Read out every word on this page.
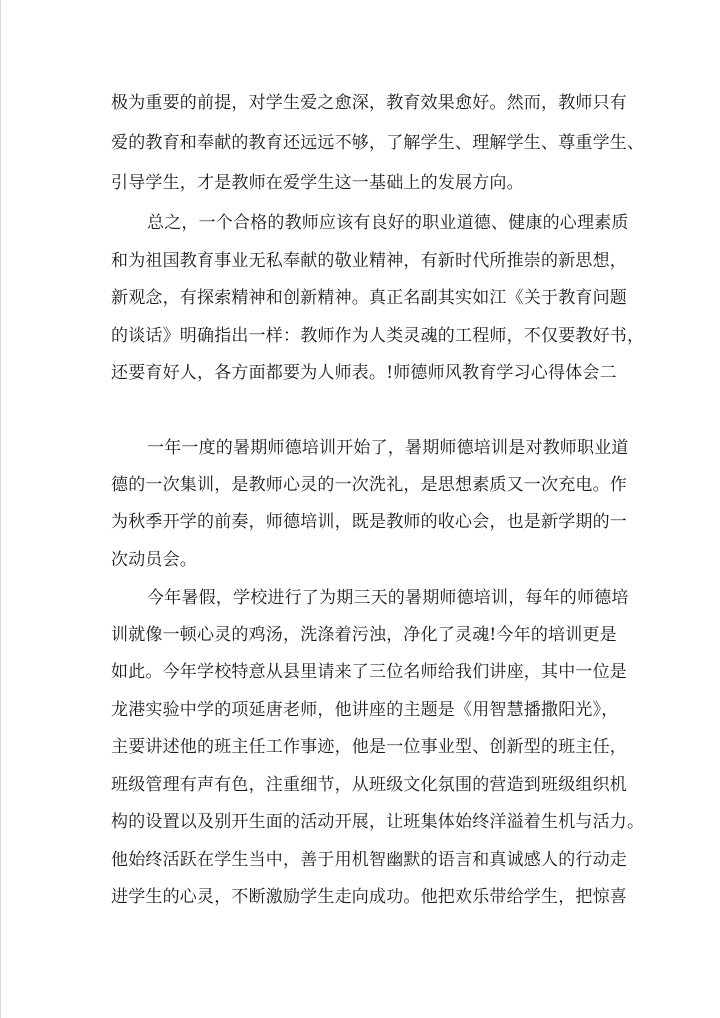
极为重要的前提，对学生爱之愈深，教育效果愈好。然而，教师只有

爱的教育和奉献的教育还远远不够，了解学生、理解学生、尊重学生、

引导学生，才是教师在爱学生这一基础上的发展方向。

总之，一个合格的教师应该有良好的职业道德、健康的心理素质

和为祖国教育事业无私奉献的敬业精神，有新时代所推崇的新思想，

新观念，有探索精神和创新精神。真正名副其实如江《关于教育问题

的谈话》明确指出一样：教师作为人类灵魂的工程师，不仅要教好书，

还要育好人，各方面都要为人师表。!师德师风教育学习心得体会二

一年一度的暑期师德培训开始了，暑期师德培训是对教师职业道

德的一次集训，是教师心灵的一次洗礼，是思想素质又一次充电。作

为秋季开学的前奏，师德培训，既是教师的收心会，也是新学期的一

次动员会。

今年暑假，学校进行了为期三天的暑期师德培训，每年的师德培

训就像一顿心灵的鸡汤，洗涤着污浊，净化了灵魂!今年的培训更是

如此。今年学校特意从县里请来了三位名师给我们讲座，其中一位是

龙港实验中学的项延唐老师，他讲座的主题是《用智慧播撒阳光》，

主要讲述他的班主任工作事迹，他是一位事业型、创新型的班主任，

班级管理有声有色，注重细节，从班级文化氛围的营造到班级组织机

构的设置以及别开生面的活动开展，让班集体始终洋溢着生机与活力。

他始终活跃在学生当中，善于用机智幽默的语言和真诚感人的行动走

进学生的心灵，不断激励学生走向成功。他把欢乐带给学生，把惊喜
